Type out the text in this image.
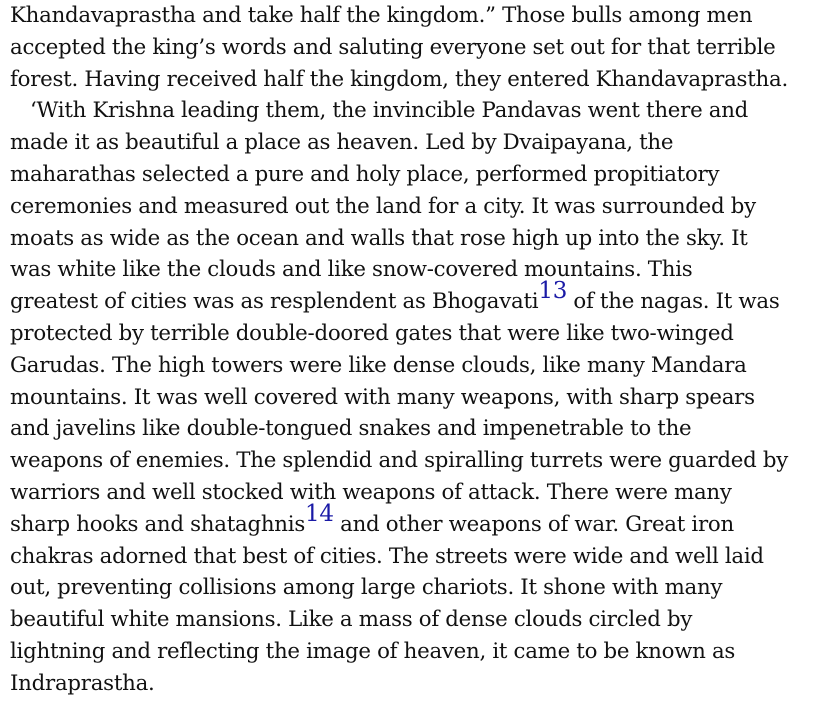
Khandavaprastha and take half the kingdom.” Those bulls among men
accepted the king’s words and saluting everyone set out for that terrible
forest. Having received half the kingdom, they entered Khandavaprastha.
‘With Krishna leading them, the invincible Pandavas went there and
made it as beautiful a place as heaven. Led by Dvaipayana, the
maharathas selected a pure and holy place, performed propitiatory
ceremonies and measured out the land for a city. It was surrounded by
moats as wide as the ocean and walls that rose high up into the sky. It
was white like the clouds and like snow-covered mountains. This
greatest of cities was as resplendent as Bhogavati13 of the nagas. It was
protected by terrible double-doored gates that were like two-winged
Garudas. The high towers were like dense clouds, like many Mandara
mountains. It was well covered with many weapons, with sharp spears
and javelins like double-tongued snakes and impenetrable to the
weapons of enemies. The splendid and spiralling turrets were guarded by
warriors and well stocked with weapons of attack. There were many
sharp hooks and shataghnis14 and other weapons of war. Great iron
chakras adorned that best of cities. The streets were wide and well laid
out, preventing collisions among large chariots. It shone with many
beautiful white mansions. Like a mass of dense clouds circled by
lightning and reflecting the image of heaven, it came to be known as
Indraprastha.
